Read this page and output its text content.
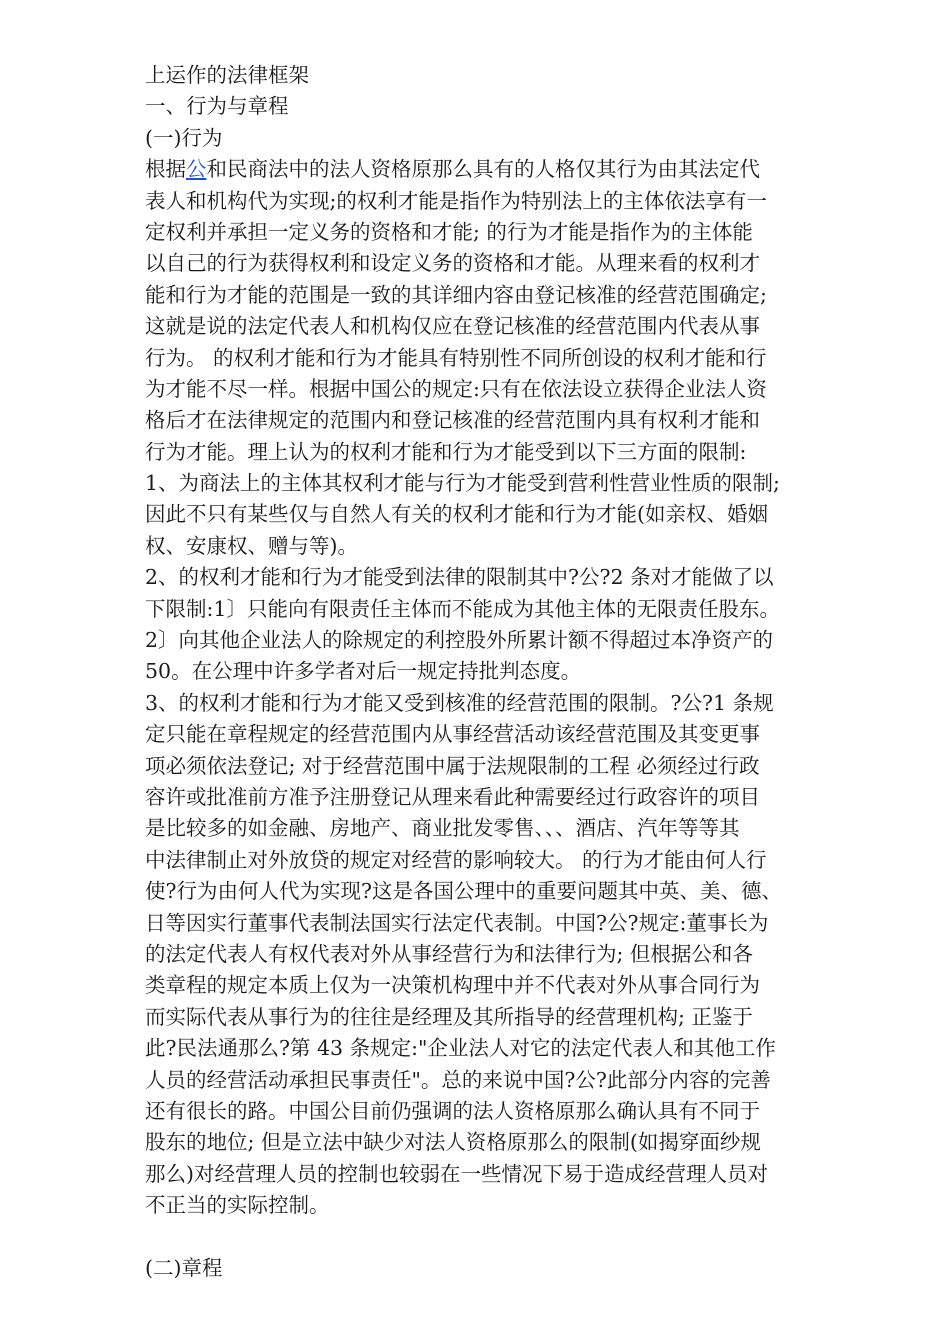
上运作的法律框架
一、行为与章程
(一)行为
根据公和民商法中的法人资格原那么具有的人格仅其行为由其法定代
表人和机构代为实现;的权利才能是指作为特别法上的主体依法享有一
定权利并承担一定义务的资格和才能; 的行为才能是指作为的主体能
以自己的行为获得权利和设定义务的资格和才能。从理来看的权利才
能和行为才能的范围是一致的其详细内容由登记核准的经营范围确定;
这就是说的法定代表人和机构仅应在登记核准的经营范围内代表从事
行为。 的权利才能和行为才能具有特别性不同所创设的权利才能和行
为才能不尽一样。根据中国公的规定:只有在依法设立获得企业法人资
格后才在法律规定的范围内和登记核准的经营范围内具有权利才能和
行为才能。理上认为的权利才能和行为才能受到以下三方面的限制:
1、为商法上的主体其权利才能与行为才能受到营利性营业性质的限制;
因此不只有某些仅与自然人有关的权利才能和行为才能(如亲权、婚姻
权、安康权、赠与等)。
2、的权利才能和行为才能受到法律的限制其中?公?2 条对才能做了以
下限制:1〕只能向有限责任主体而不能成为其他主体的无限责任股东。
2〕向其他企业法人的除规定的利控股外所累计额不得超过本净资产的
50。在公理中许多学者对后一规定持批判态度。
3、的权利才能和行为才能又受到核准的经营范围的限制。?公?1 条规
定只能在章程规定的经营范围内从事经营活动该经营范围及其变更事
项必须依法登记; 对于经营范围中属于法规限制的工程 必须经过行政
容许或批准前方准予注册登记从理来看此种需要经过行政容许的项目
是比较多的如金融、房地产、商业批发零售、、、酒店、汽年等等其
中法律制止对外放贷的规定对经营的影响较大。 的行为才能由何人行
使?行为由何人代为实现?这是各国公理中的重要问题其中英、美、德、
日等因实行董事代表制法国实行法定代表制。中国?公?规定:董事长为
的法定代表人有权代表对外从事经营行为和法律行为; 但根据公和各
类章程的规定本质上仅为一决策机构理中并不代表对外从事合同行为
而实际代表从事行为的往往是经理及其所指导的经营理机构; 正鉴于
此?民法通那么?第 43 条规定:"企业法人对它的法定代表人和其他工作
人员的经营活动承担民事责任"。总的来说中国?公?此部分内容的完善
还有很长的路。中国公目前仍强调的法人资格原那么确认具有不同于
股东的地位; 但是立法中缺少对法人资格原那么的限制(如揭穿面纱规
那么)对经营理人员的控制也较弱在一些情况下易于造成经营理人员对
不正当的实际控制。
(二)章程
